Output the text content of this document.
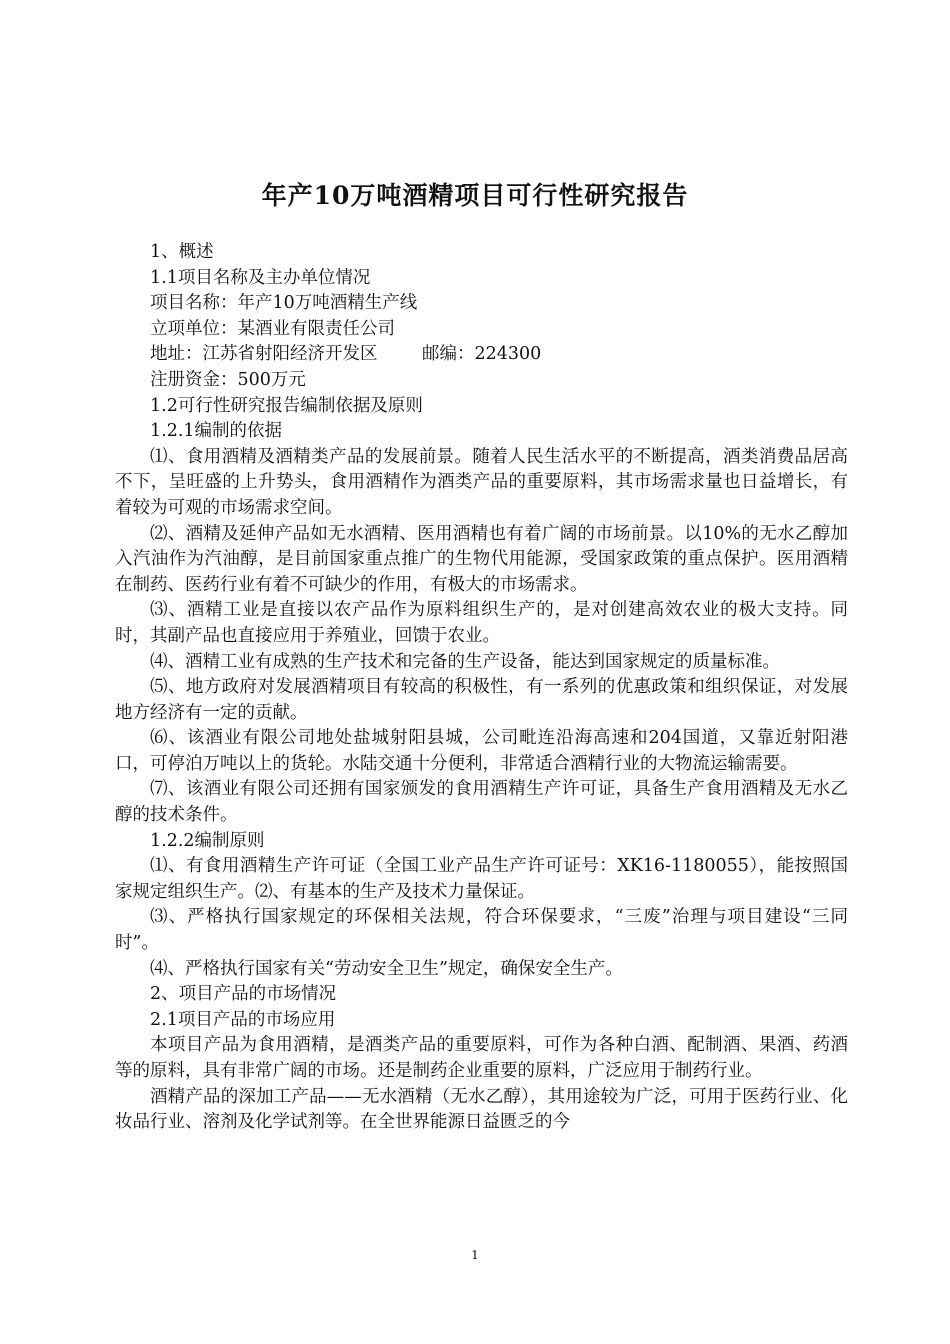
年产10万吨酒精项目可行性研究报告

1、概述

1.1项目名称及主办单位情况

项目名称：年产10万吨酒精生产线

立项单位：某酒业有限责任公司

地址：江苏省射阳经济开发区        邮编：224300

注册资金：500万元

1.2可行性研究报告编制依据及原则

1.2.1编制的依据

⑴、食用酒精及酒精类产品的发展前景。随着人民生活水平的不断提高，酒类消费品居高不下，呈旺盛的上升势头，食用酒精作为酒类产品的重要原料，其市场需求量也日益增长，有着较为可观的市场需求空间。

⑵、酒精及延伸产品如无水酒精、医用酒精也有着广阔的市场前景。以10%的无水乙醇加入汽油作为汽油醇，是目前国家重点推广的生物代用能源，受国家政策的重点保护。医用酒精在制药、医药行业有着不可缺少的作用，有极大的市场需求。

⑶、酒精工业是直接以农产品作为原料组织生产的，是对创建高效农业的极大支持。同时，其副产品也直接应用于养殖业，回馈于农业。

⑷、酒精工业有成熟的生产技术和完备的生产设备，能达到国家规定的质量标准。

⑸、地方政府对发展酒精项目有较高的积极性，有一系列的优惠政策和组织保证，对发展地方经济有一定的贡献。

⑹、该酒业有限公司地处盐城射阳县城，公司毗连沿海高速和204国道，又靠近射阳港口，可停泊万吨以上的货轮。水陆交通十分便利，非常适合酒精行业的大物流运输需要。

⑺、该酒业有限公司还拥有国家颁发的食用酒精生产许可证，具备生产食用酒精及无水乙醇的技术条件。

1.2.2编制原则

⑴、有食用酒精生产许可证（全国工业产品生产许可证号：XK16-1180055），能按照国家规定组织生产。⑵、有基本的生产及技术力量保证。

⑶、严格执行国家规定的环保相关法规，符合环保要求，“三废”治理与项目建设“三同时”。

⑷、严格执行国家有关“劳动安全卫生”规定，确保安全生产。

2、项目产品的市场情况

2.1项目产品的市场应用

本项目产品为食用酒精，是酒类产品的重要原料，可作为各种白酒、配制酒、果酒、药酒等的原料，具有非常广阔的市场。还是制药企业重要的原料，广泛应用于制药行业。

酒精产品的深加工产品——无水酒精（无水乙醇），其用途较为广泛，可用于医药行业、化妆品行业、溶剂及化学试剂等。在全世界能源日益匮乏的今

1
